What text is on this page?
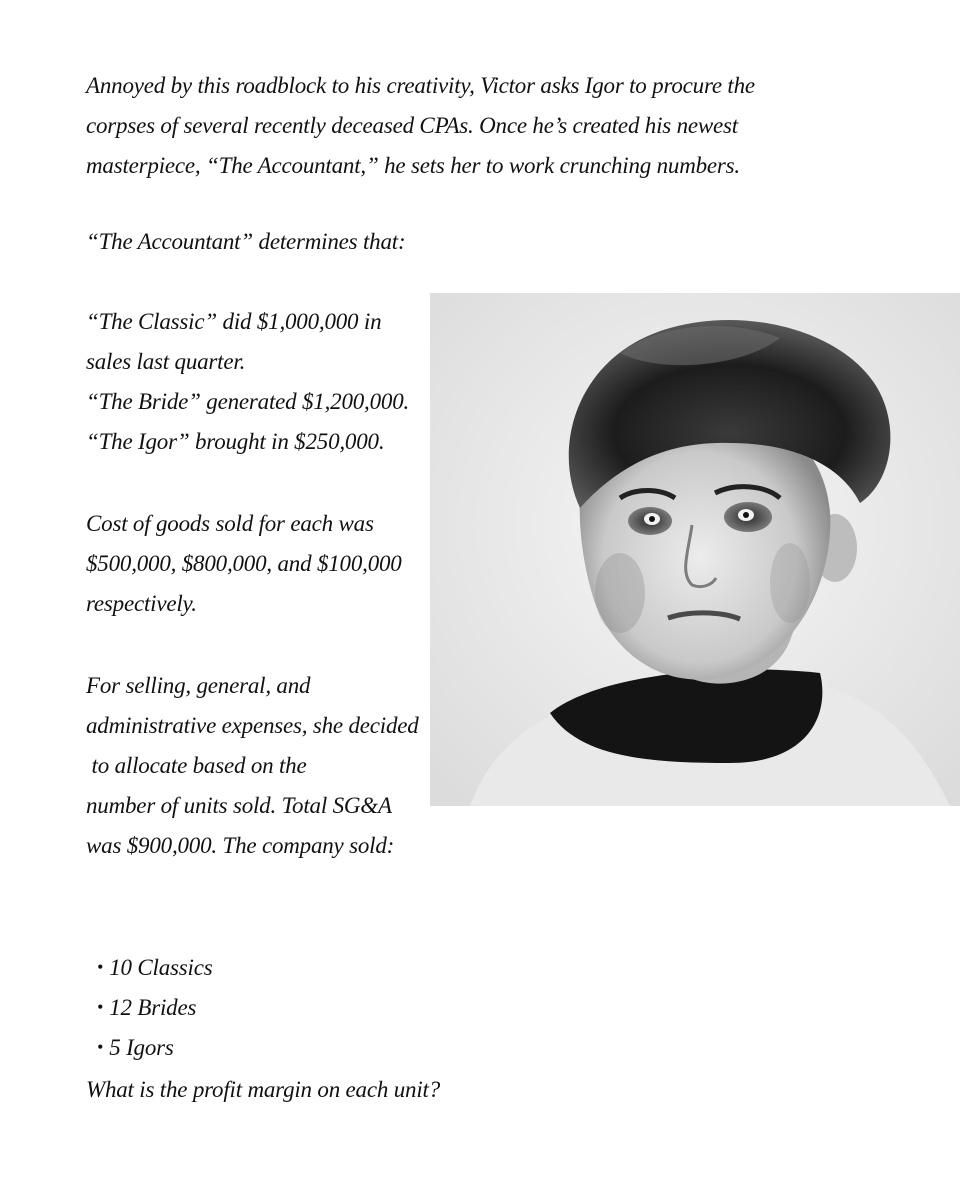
Annoyed by this roadblock to his creativity, Victor asks Igor to procure the
corpses of several recently deceased CPAs. Once he’s created his newest
masterpiece, “The Accountant,” he sets her to work crunching numbers.
“The Accountant” determines that:
“The Classic” did $1,000,000 in
sales last quarter.
“The Bride” generated $1,200,000.
“The Igor” brought in $250,000.
Cost of goods sold for each was
$500,000, $800,000, and $100,000
respectively.
For selling, general, and
administrative expenses, she decided
to allocate based on the
number of units sold. Total SG&A
was $900,000. The company sold:

• 10 Classics

• 12 Brides

• 5 Igors

What is the profit margin on each unit?
